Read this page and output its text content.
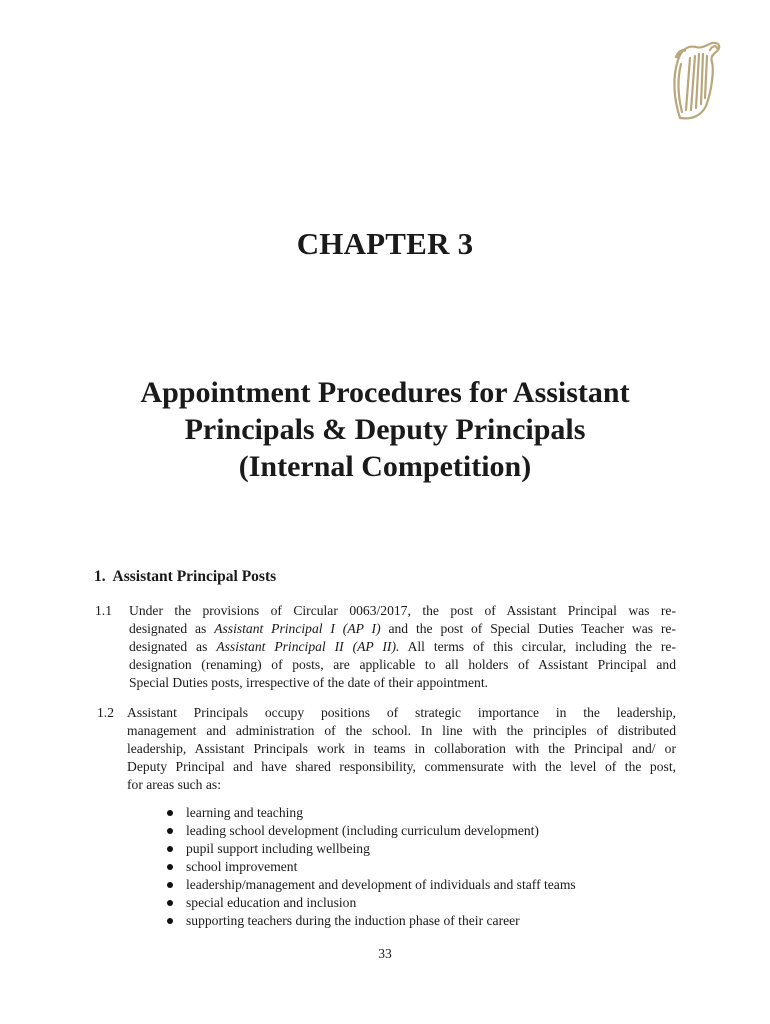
CHAPTER 3
Appointment Procedures for Assistant
Principals & Deputy Principals
(Internal Competition)
1. Assistant Principal Posts
1.1 Under the provisions of Circular 0063/2017, the post of Assistant Principal was re-
designated as Assistant Principal I (AP I) and the post of Special Duties Teacher was re-
designated as Assistant Principal II (AP II). All terms of this circular, including the re-
designation (renaming) of posts, are applicable to all holders of Assistant Principal and
Special Duties posts, irrespective of the date of their appointment.
1.2 Assistant Principals occupy positions of strategic importance in the leadership,
management and administration of the school. In line with the principles of distributed
leadership, Assistant Principals work in teams in collaboration with the Principal and/ or
Deputy Principal and have shared responsibility, commensurate with the level of the post,
for areas such as:
learning and teaching
leading school development (including curriculum development)
pupil support including wellbeing
school improvement
leadership/management and development of individuals and staff teams
special education and inclusion
supporting teachers during the induction phase of their career
33
